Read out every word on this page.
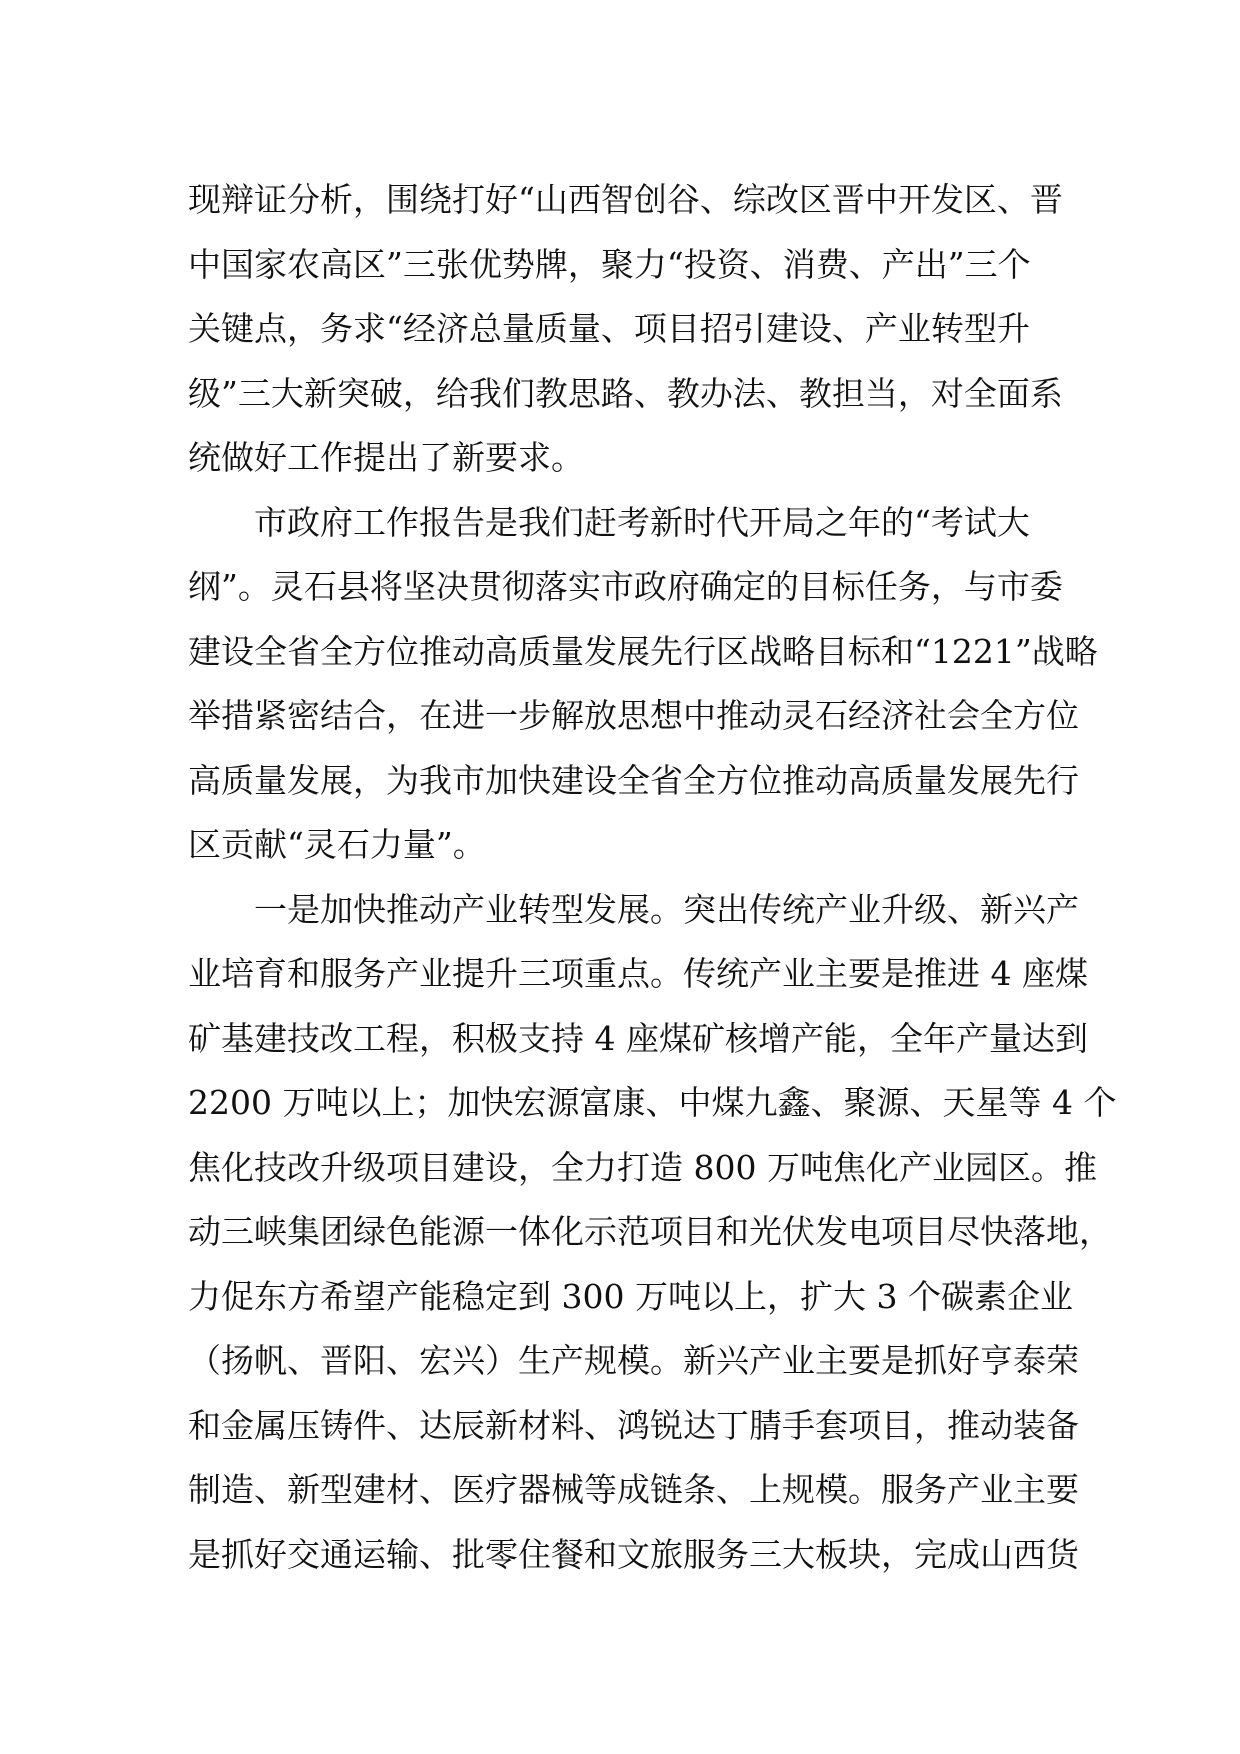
现辩证分析，围绕打好“山西智创谷、综改区晋中开发区、晋
中国家农高区”三张优势牌，聚力“投资、消费、产出”三个
关键点，务求“经济总量质量、项目招引建设、产业转型升
级”三大新突破，给我们教思路、教办法、教担当，对全面系
统做好工作提出了新要求。
市政府工作报告是我们赶考新时代开局之年的“考试大
纲”。灵石县将坚决贯彻落实市政府确定的目标任务，与市委
建设全省全方位推动高质量发展先行区战略目标和“1221”战略
举措紧密结合，在进一步解放思想中推动灵石经济社会全方位
高质量发展，为我市加快建设全省全方位推动高质量发展先行
区贡献“灵石力量”。
一是加快推动产业转型发展。突出传统产业升级、新兴产
业培育和服务产业提升三项重点。传统产业主要是推进 4 座煤
矿基建技改工程，积极支持 4 座煤矿核增产能，全年产量达到
2200 万吨以上；加快宏源富康、中煤九鑫、聚源、天星等 4 个
焦化技改升级项目建设，全力打造 800 万吨焦化产业园区。推
动三峡集团绿色能源一体化示范项目和光伏发电项目尽快落地，
力促东方希望产能稳定到 300 万吨以上，扩大 3 个碳素企业
（扬帆、晋阳、宏兴）生产规模。新兴产业主要是抓好亨泰荣
和金属压铸件、达辰新材料、鸿锐达丁腈手套项目，推动装备
制造、新型建材、医疗器械等成链条、上规模。服务产业主要
是抓好交通运输、批零住餐和文旅服务三大板块，完成山西货
